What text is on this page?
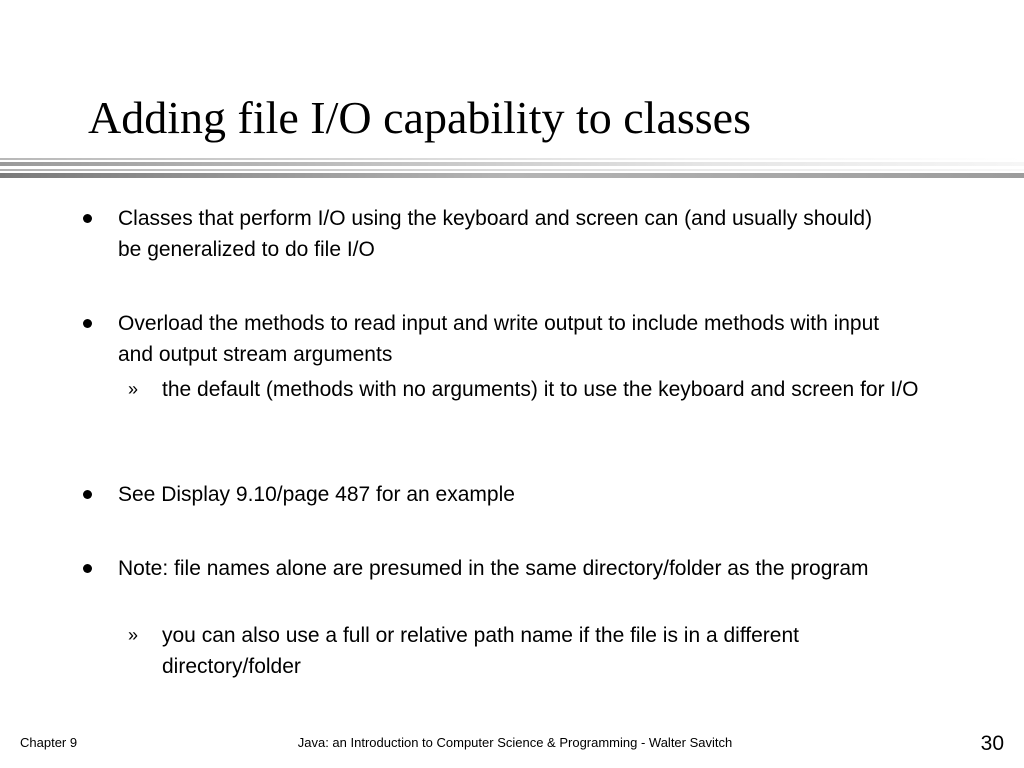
Adding file I/O capability to classes
Classes that perform I/O using the keyboard and screen can (and usually should) be generalized to do file I/O
Overload the methods to read input and write output to include methods with input and output stream arguments
» the default (methods with no arguments) it to use the keyboard and screen for I/O
See Display 9.10/page 487 for an example
Note: file names alone are presumed in the same directory/folder as the program
» you can also use a full or relative path name if the file is in a different directory/folder
Chapter 9	Java: an Introduction to Computer Science & Programming - Walter Savitch	30
